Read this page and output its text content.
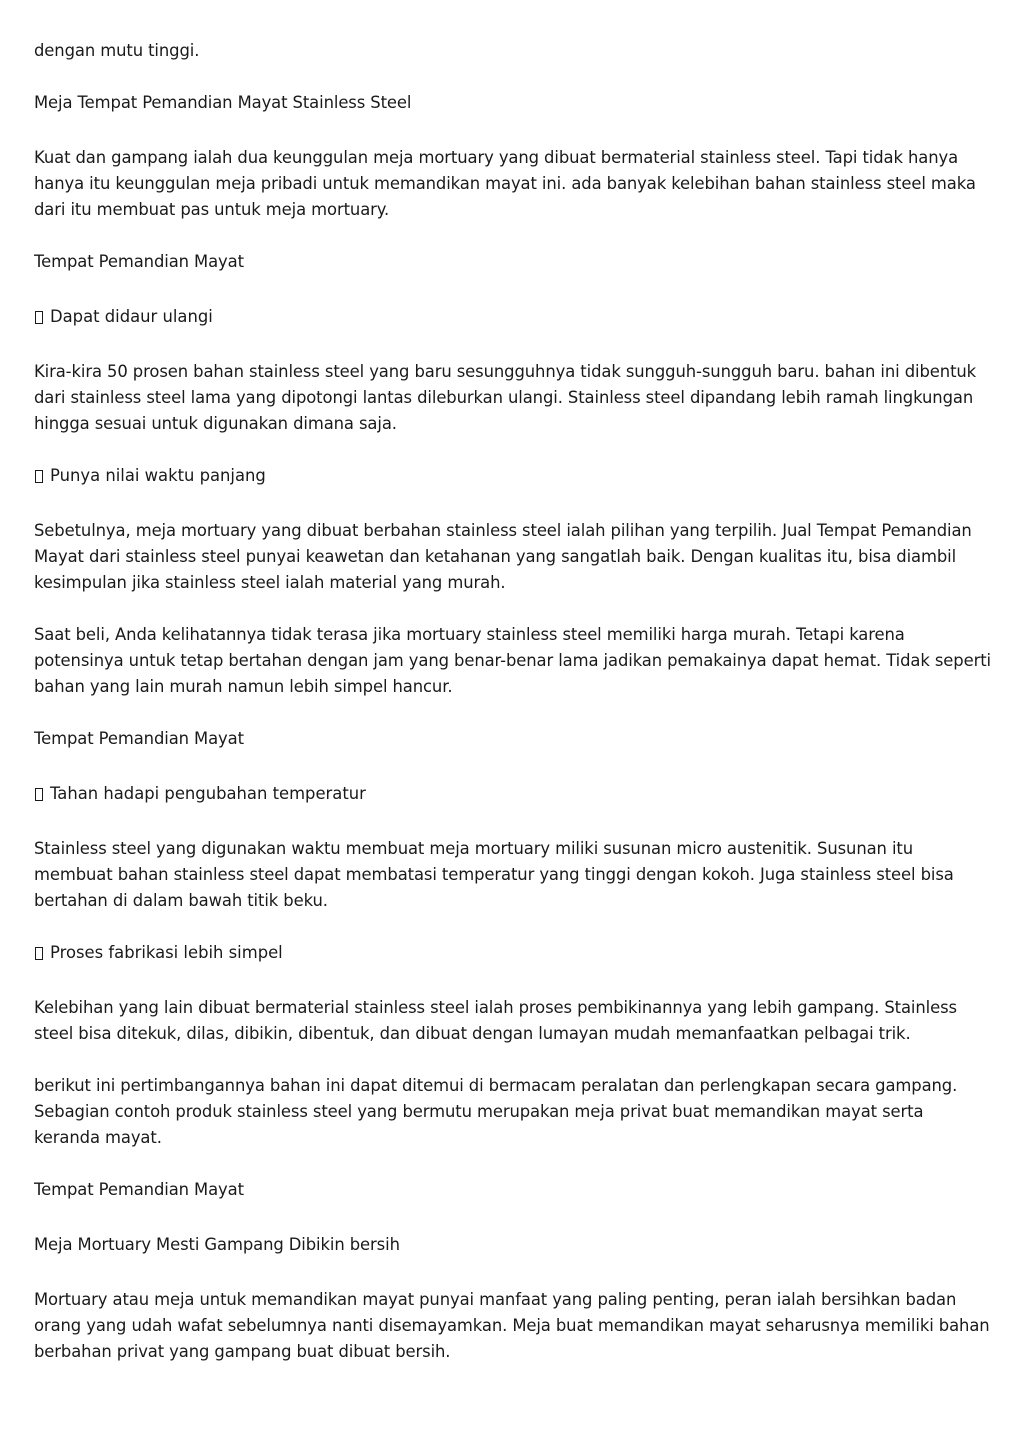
dengan mutu tinggi.

Meja Tempat Pemandian Mayat Stainless Steel

Kuat dan gampang ialah dua keunggulan meja mortuary yang dibuat bermaterial stainless steel. Tapi tidak hanya hanya itu keunggulan meja pribadi untuk memandikan mayat ini. ada banyak kelebihan bahan stainless steel maka dari itu membuat pas untuk meja mortuary.

Tempat Pemandian Mayat

Dapat didaur ulangi

Kira-kira 50 prosen bahan stainless steel yang baru sesungguhnya tidak sungguh-sungguh baru. bahan ini dibentuk dari stainless steel lama yang dipotongi lantas dileburkan ulangi. Stainless steel dipandang lebih ramah lingkungan hingga sesuai untuk digunakan dimana saja.

Punya nilai waktu panjang

Sebetulnya, meja mortuary yang dibuat berbahan stainless steel ialah pilihan yang terpilih. Jual Tempat Pemandian Mayat dari stainless steel punyai keawetan dan ketahanan yang sangatlah baik. Dengan kualitas itu, bisa diambil kesimpulan jika stainless steel ialah material yang murah.

Saat beli, Anda kelihatannya tidak terasa jika mortuary stainless steel memiliki harga murah. Tetapi karena potensinya untuk tetap bertahan dengan jam yang benar-benar lama jadikan pemakainya dapat hemat. Tidak seperti bahan yang lain murah namun lebih simpel hancur.

Tempat Pemandian Mayat

Tahan hadapi pengubahan temperatur

Stainless steel yang digunakan waktu membuat meja mortuary miliki susunan micro austenitik. Susunan itu membuat bahan stainless steel dapat membatasi temperatur yang tinggi dengan kokoh. Juga stainless steel bisa bertahan di dalam bawah titik beku.

Proses fabrikasi lebih simpel

Kelebihan yang lain dibuat bermaterial stainless steel ialah proses pembikinannya yang lebih gampang. Stainless steel bisa ditekuk, dilas, dibikin, dibentuk, dan dibuat dengan lumayan mudah memanfaatkan pelbagai trik.

berikut ini pertimbangannya bahan ini dapat ditemui di bermacam peralatan dan perlengkapan secara gampang. Sebagian contoh produk stainless steel yang bermutu merupakan meja privat buat memandikan mayat serta keranda mayat.

Tempat Pemandian Mayat

Meja Mortuary Mesti Gampang Dibikin bersih

Mortuary atau meja untuk memandikan mayat punyai manfaat yang paling penting, peran ialah bersihkan badan orang yang udah wafat sebelumnya nanti disemayamkan. Meja buat memandikan mayat seharusnya memiliki bahan berbahan privat yang gampang buat dibuat bersih.
